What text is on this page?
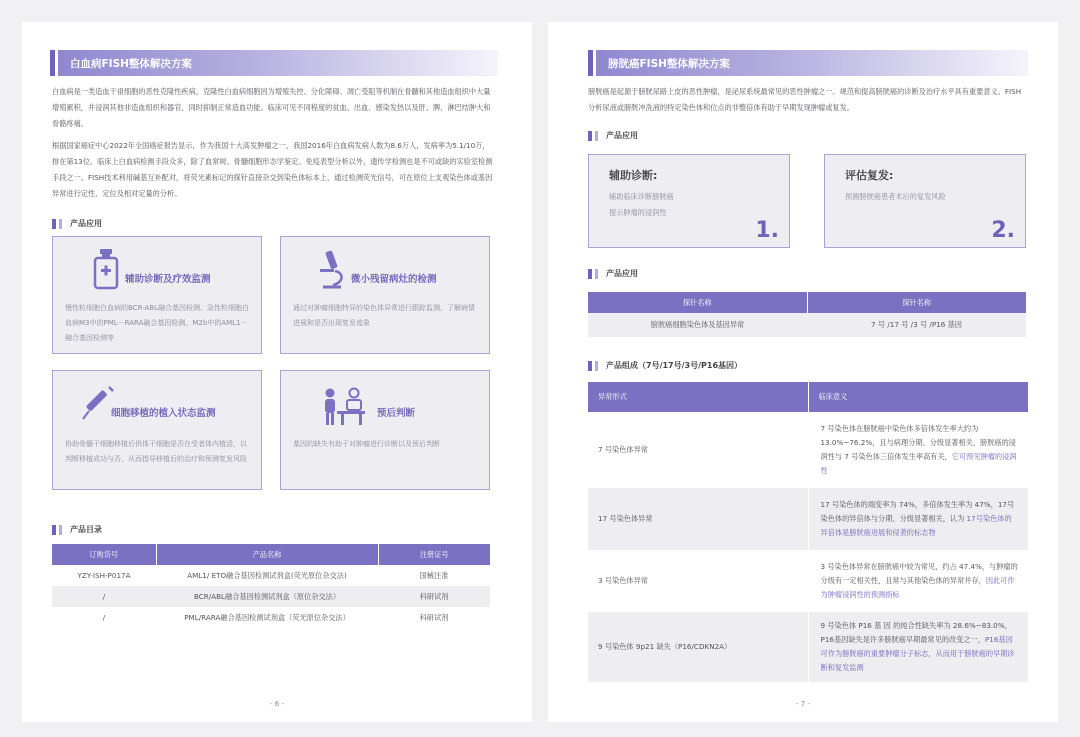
白血病FISH整体解决方案
白血病是一类造血干祖细胞的恶性克隆性疾病，克隆性白血病细胞因为增殖失控、分化障碍、凋亡受阻等机制在骨髓和其他造血组织中大量增殖累积，并浸润其他非造血组织和器官，同时抑制正常造血功能。临床可见不同程度的贫血、出血、感染发热以及肝、脾、淋巴结肿大和骨骼疼痛。
根据国家癌症中心2022年全国癌症报告显示，作为我国十大高发肿瘤之一，我国2016年白血病发病人数为8.6万人，发病率为5.1/10万，排在第13位。临床上白血病检测手段众多，除了血常规、骨髓细胞形态学鉴定、免疫表型分析以外，遗传学检测也是不可或缺的实验室检测手段之一。FISH技术利用碱基互补配对，将荧光素标记的探针直接杂交到染色体标本上，通过检测荧光信号，可在原位上支观染色体或基因异常进行定性、定位及相对定量的分析。
产品应用
辅助诊断及疗效监测
慢性粒细胞白血病的BCR-ABL融合基因检测、急性粒细胞白血病M3中的PML－RARA融合基因检测、M2b中的AML1－融合基因检测等
微小残留病灶的检测
通过对肿瘤细胞特异的染色体异常进行跟踪监测，了解病情进展和是否出现复发迹象
细胞移植的植入状态监测
协助骨髓干细胞移植后供体干细胞是否在受者体内植活，以判断移植成功与否，从而指导移植后的治疗和预测复发风险
预后判断
基因的缺失有助于对肿瘤进行诊断以及预后判断
产品目录
订购货号	产品名称	注册证号
YZY-ISH-P017A	AML1/ ETO融合基因检测试剂盒(荧光原位杂交法)	国械注准
/	BCR/ABL融合基因检测试剂盒（原位杂交法）	科研试剂
/	PML/RARA融合基因检测试剂盒（荧光原位杂交法）	科研试剂
- 6 -
膀胱癌FISH整体解决方案
膀胱癌是起源于膀胱尿路上皮的恶性肿瘤，是泌尿系统最常见的恶性肿瘤之一。规范和提高膀胱癌的诊断及治疗水平具有重要意义。FISH分析尿液或膀胱冲洗液的特定染色体和位点的非整倍体有助于早期发现肿瘤或复发。
产品应用
辅助诊断:
辅助临床诊断膀胱癌
提示肿瘤的浸润性
1.
评估复发:
预测膀胱癌患者术后的复发风险
2.
产品应用
探针名称	探针名称
膀胱癌细胞染色体及基因异常	7 号 /17 号 /3 号 /P16 基因
产品组成（7号/17号/3号/P16基因）
异常形式	临床意义
7 号染色体异常	7 号染色体在膀胱癌中染色体多倍体发生率大约为13.0%~76.2%，且与病理分期、分级显著相关，膀胱癌的浸润性与 7 号染色体三倍体发生率高有关，它可预见肿瘤的浸润性
17 号染色体异常	17 号染色体的端变率为 74%，多倍体发生率为 47%，17号染色体的异倍体与分期、分级显著相关，认为 17号染色体的异倍体是膀胱癌进展和侵袭的标志物
3 号染色体异常	3 号染色体异常在膀胱癌中较为常见，约占 47.4%，与肿瘤的分级有一定相关性，且常与其他染色体的异常并存，因此可作为肿瘤浸润性的预测指标
9 号染色体 9p21 缺失（P16/CDKN2A）	9 号染色体 P16 基 因 的纯合性缺失率为 28.6%~83.0%，P16基因缺失是许多膀胱癌早期最常见的改变之一，P16基因可作为膀胱癌的重要肿瘤分子标志，从而用于膀胱癌的早期诊断和复发监测
- 7 -
